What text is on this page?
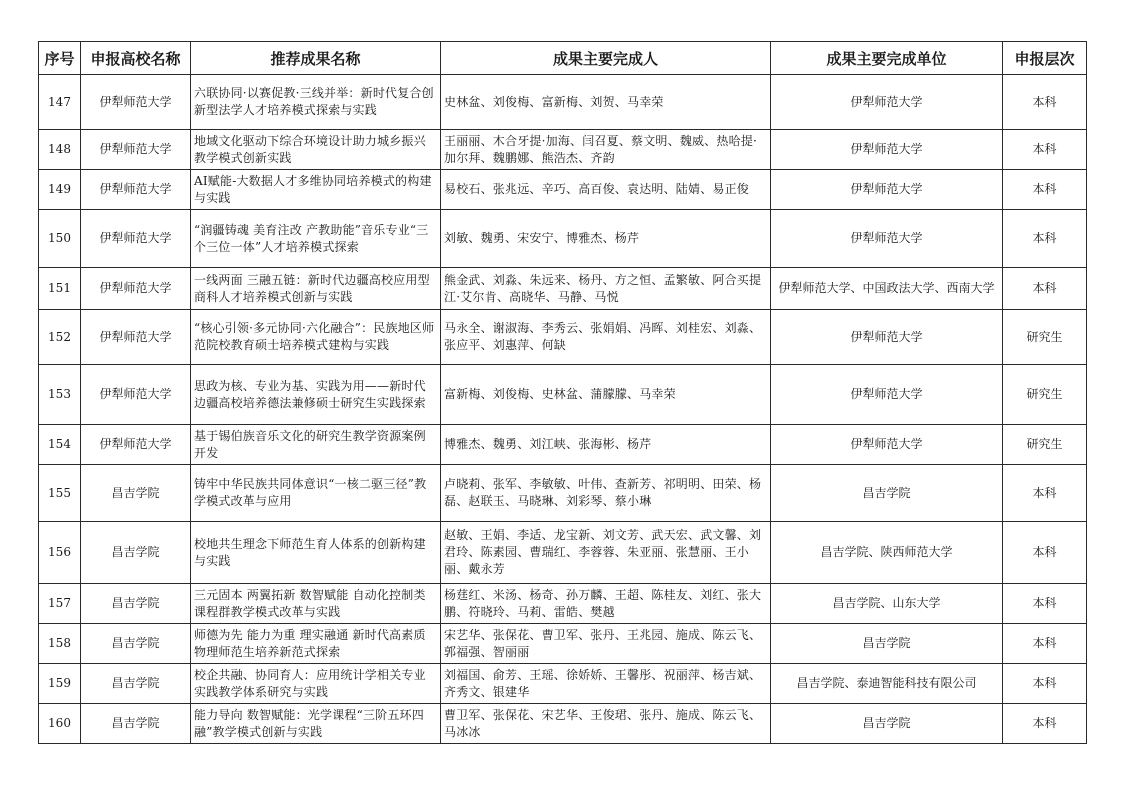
序号	申报高校名称	推荐成果名称	成果主要完成人	成果主要完成单位	申报层次
147	伊犁师范大学	六联协同·以赛促教·三线并举：新时代复合创新型法学人才培养模式探索与实践	史林盆、刘俊梅、富新梅、刘贺、马幸荣	伊犁师范大学	本科
148	伊犁师范大学	地域文化驱动下综合环境设计助力城乡振兴教学模式创新实践	王丽丽、木合牙提·加海、闫召夏、蔡文明、魏威、热哈提·加尔拜、魏鹏娜、熊浩杰、齐韵	伊犁师范大学	本科
149	伊犁师范大学	AI赋能-大数据人才多维协同培养模式的构建与实践	易校石、张兆远、辛巧、高百俊、袁达明、陆婧、易正俊	伊犁师范大学	本科
150	伊犁师范大学	“润疆铸魂 美育注改 产教助能”音乐专业“三个三位一体”人才培养模式探索	刘敏、魏勇、宋安宁、博雅杰、杨芹	伊犁师范大学	本科
151	伊犁师范大学	一线两面 三融五链：新时代边疆高校应用型商科人才培养模式创新与实践	熊金武、刘淼、朱远来、杨丹、方之恒、孟繁敏、阿合买提江·艾尔肯、高晓华、马静、马悦	伊犁师范大学、中国政法大学、西南大学	本科
152	伊犁师范大学	“核心引领·多元协同·六化融合”：民族地区师范院校教育硕士培养模式建构与实践	马永全、谢淑海、李秀云、张娟娟、冯晖、刘桂宏、刘淼、张应平、刘惠萍、何缺	伊犁师范大学	研究生
153	伊犁师范大学	思政为核、专业为基、实践为用——新时代边疆高校培养德法兼修硕士研究生实践探索	富新梅、刘俊梅、史林盆、蒲朦朦、马幸荣	伊犁师范大学	研究生
154	伊犁师范大学	基于锡伯族音乐文化的研究生教学资源案例开发	博雅杰、魏勇、刘江峡、张海彬、杨芹	伊犁师范大学	研究生
155	昌吉学院	铸牢中华民族共同体意识“一核二驱三径”教学模式改革与应用	卢晓莉、张军、李敏敏、叶伟、查新芳、祁明明、田荣、杨磊、赵联玉、马晓琳、刘彩琴、蔡小琳	昌吉学院	本科
156	昌吉学院	校地共生理念下师范生育人体系的创新构建与实践	赵敏、王娟、李适、龙宝新、刘文芳、武天宏、武文馨、刘君玲、陈素园、曹瑞红、李蓉蓉、朱亚丽、张慧丽、王小丽、戴永芳	昌吉学院、陕西师范大学	本科
157	昌吉学院	三元固本 两翼拓新 数智赋能 自动化控制类课程群教学模式改革与实践	杨莛红、米汤、杨奇、孙万麟、王超、陈桂友、刘红、张大鹏、符晓玲、马莉、雷皓、樊越	昌吉学院、山东大学	本科
158	昌吉学院	师德为先 能力为重 理实融通 新时代高素质物理师范生培养新范式探索	宋艺华、张保花、曹卫军、张丹、王兆园、施成、陈云飞、郭福强、智丽丽	昌吉学院	本科
159	昌吉学院	校企共融、协同育人：应用统计学相关专业实践教学体系研究与实践	刘福国、俞芳、王瑶、徐娇娇、王馨彤、祝丽萍、杨吉斌、齐秀文、银建华	昌吉学院、泰迪智能科技有限公司	本科
160	昌吉学院	能力导向 数智赋能：光学课程“三阶五环四融”教学模式创新与实践	曹卫军、张保花、宋艺华、王俊珺、张丹、施成、陈云飞、马冰冰	昌吉学院	本科
